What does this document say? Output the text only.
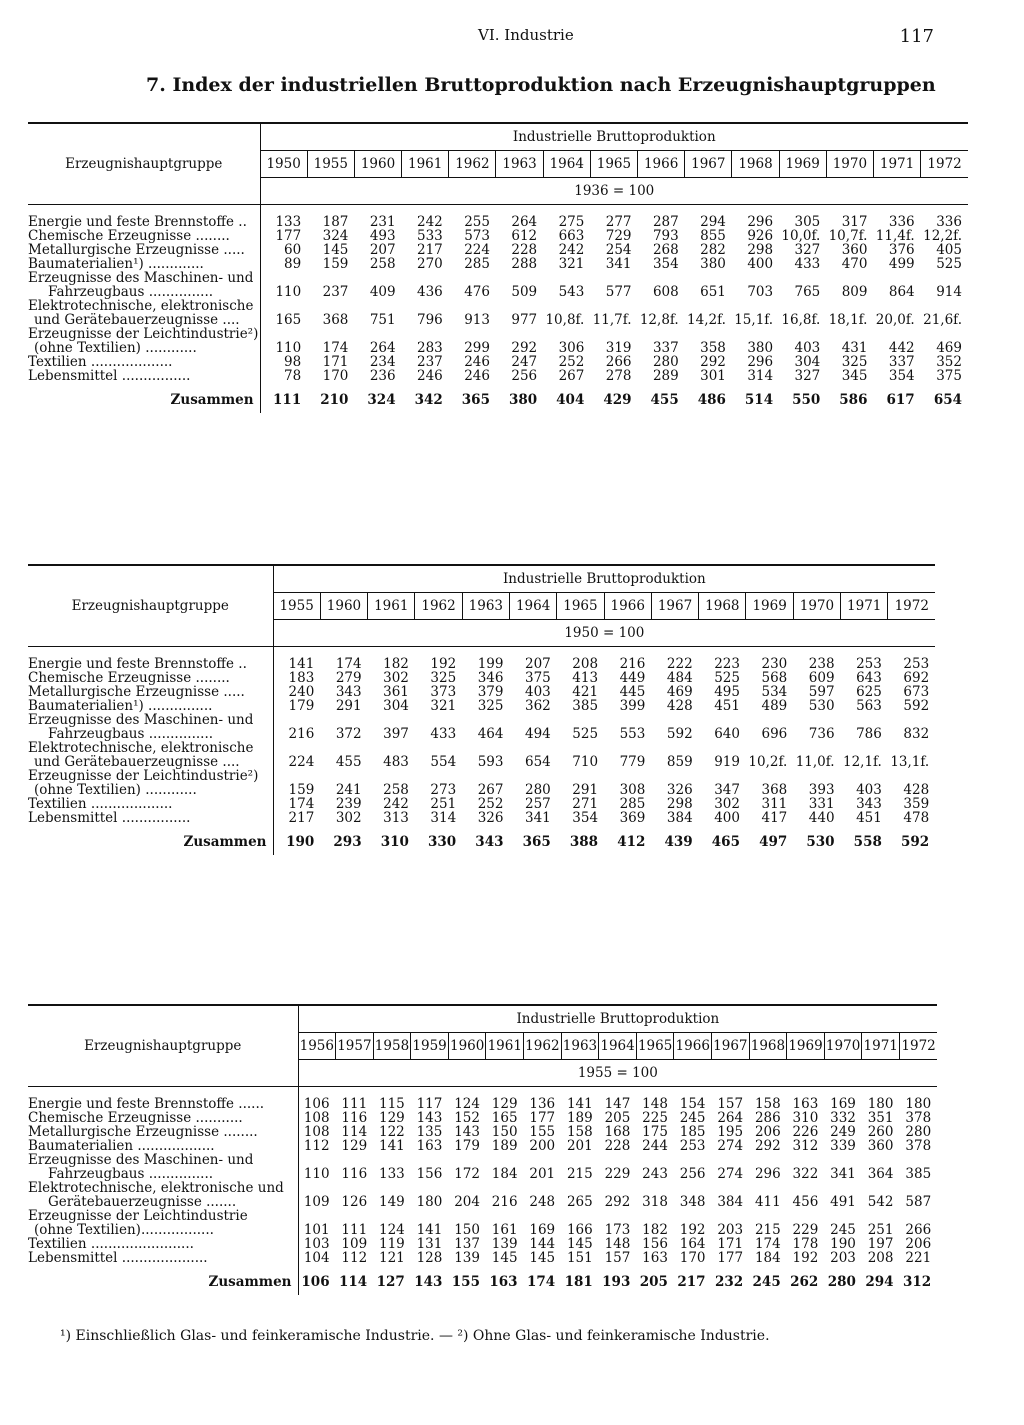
VI. Industrie	117
7. Index der industriellen Bruttoproduktion nach Erzeugnishauptgruppen
Erzeugnishauptgruppe	Industrielle Bruttoproduktion														
	1950	1955	1960	1961	1962	1963	1964	1965	1966	1967	1968	1969	1970	1971	1972
	1936 = 100														

Energie und feste Brennstoffe ..	133	187	231	242	255	264	275	277	287	294	296	305	317	336	336

Chemische Erzeugnisse ........	177	324	493	533	573	612	663	729	793	855	926	10,0f.	10,7f.	11,4f.	12,2f.

Metallurgische Erzeugnisse .....	60	145	207	217	224	228	242	254	268	282	298	327	360	376	405

Baumaterialien¹) .............	89	159	258	270	285	288	321	341	354	380	400	433	470	499	525

Erzeugnisse des Maschinen- und
Fahrzeugbaus ...............	110	237	409	436	476	509	543	577	608	651	703	765	809	864	914

Elektrotechnische, elektronische
und Gerätebauerzeugnisse ....	165	368	751	796	913	977	10,8f.	11,7f.	12,8f.	14,2f.	15,1f.	16,8f.	18,1f.	20,0f.	21,6f.

Erzeugnisse der Leichtindustrie²)
(ohne Textilien) ............	110	174	264	283	299	292	306	319	337	358	380	403	431	442	469

Textilien ...................	98	171	234	237	246	247	252	266	280	292	296	304	325	337	352

Lebensmittel ................	78	170	236	246	246	256	267	278	289	301	314	327	345	354	375
Zusammen	111	210	324	342	365	380	404	429	455	486	514	550	586	617	654

Erzeugnishauptgruppe	Industrielle Bruttoproduktion													
	1955	1960	1961	1962	1963	1964	1965	1966	1967	1968	1969	1970	1971	1972
	1950 = 100													

Energie und feste Brennstoffe ..	141	174	182	192	199	207	208	216	222	223	230	238	253	253

Chemische Erzeugnisse ........	183	279	302	325	346	375	413	449	484	525	568	609	643	692

Metallurgische Erzeugnisse .....	240	343	361	373	379	403	421	445	469	495	534	597	625	673

Baumaterialien¹) ...............	179	291	304	321	325	362	385	399	428	451	489	530	563	592

Erzeugnisse des Maschinen- und
Fahrzeugbaus ...............	216	372	397	433	464	494	525	553	592	640	696	736	786	832

Elektrotechnische, elektronische
und Gerätebauerzeugnisse ....	224	455	483	554	593	654	710	779	859	919	10,2f.	11,0f.	12,1f.	13,1f.

Erzeugnisse der Leichtindustrie²)
(ohne Textilien) ............	159	241	258	273	267	280	291	308	326	347	368	393	403	428

Textilien ...................	174	239	242	251	252	257	271	285	298	302	311	331	343	359

Lebensmittel ................	217	302	313	314	326	341	354	369	384	400	417	440	451	478
Zusammen	190	293	310	330	343	365	388	412	439	465	497	530	558	592

Erzeugnishauptgruppe	Industrielle Bruttoproduktion																
	1956	1957	1958	1959	1960	1961	1962	1963	1964	1965	1966	1967	1968	1969	1970	1971	1972
	1955 = 100																

Energie und feste Brennstoffe ......	106	111	115	117	124	129	136	141	147	148	154	157	158	163	169	180	180

Chemische Erzeugnisse ...........	108	116	129	143	152	165	177	189	205	225	245	264	286	310	332	351	378

Metallurgische Erzeugnisse ........	108	114	122	135	143	150	155	158	168	175	185	195	206	226	249	260	280

Baumaterialien ..................	112	129	141	163	179	189	200	201	228	244	253	274	292	312	339	360	378

Erzeugnisse des Maschinen- und
Fahrzeugbaus ...............	110	116	133	156	172	184	201	215	229	243	256	274	296	322	341	364	385

Elektrotechnische, elektronische und
Gerätebauerzeugnisse .......	109	126	149	180	204	216	248	265	292	318	348	384	411	456	491	542	587

Erzeugnisse der Leichtindustrie
(ohne Textilien).................	101	111	124	141	150	161	169	166	173	182	192	203	215	229	245	251	266

Textilien ........................	103	109	119	131	137	139	144	145	148	156	164	171	174	178	190	197	206

Lebensmittel ....................	104	112	121	128	139	145	145	151	157	163	170	177	184	192	203	208	221
Zusammen	106	114	127	143	155	163	174	181	193	205	217	232	245	262	280	294	312

¹) Einschließlich Glas- und feinkeramische Industrie. — ²) Ohne Glas- und feinkeramische Industrie.
